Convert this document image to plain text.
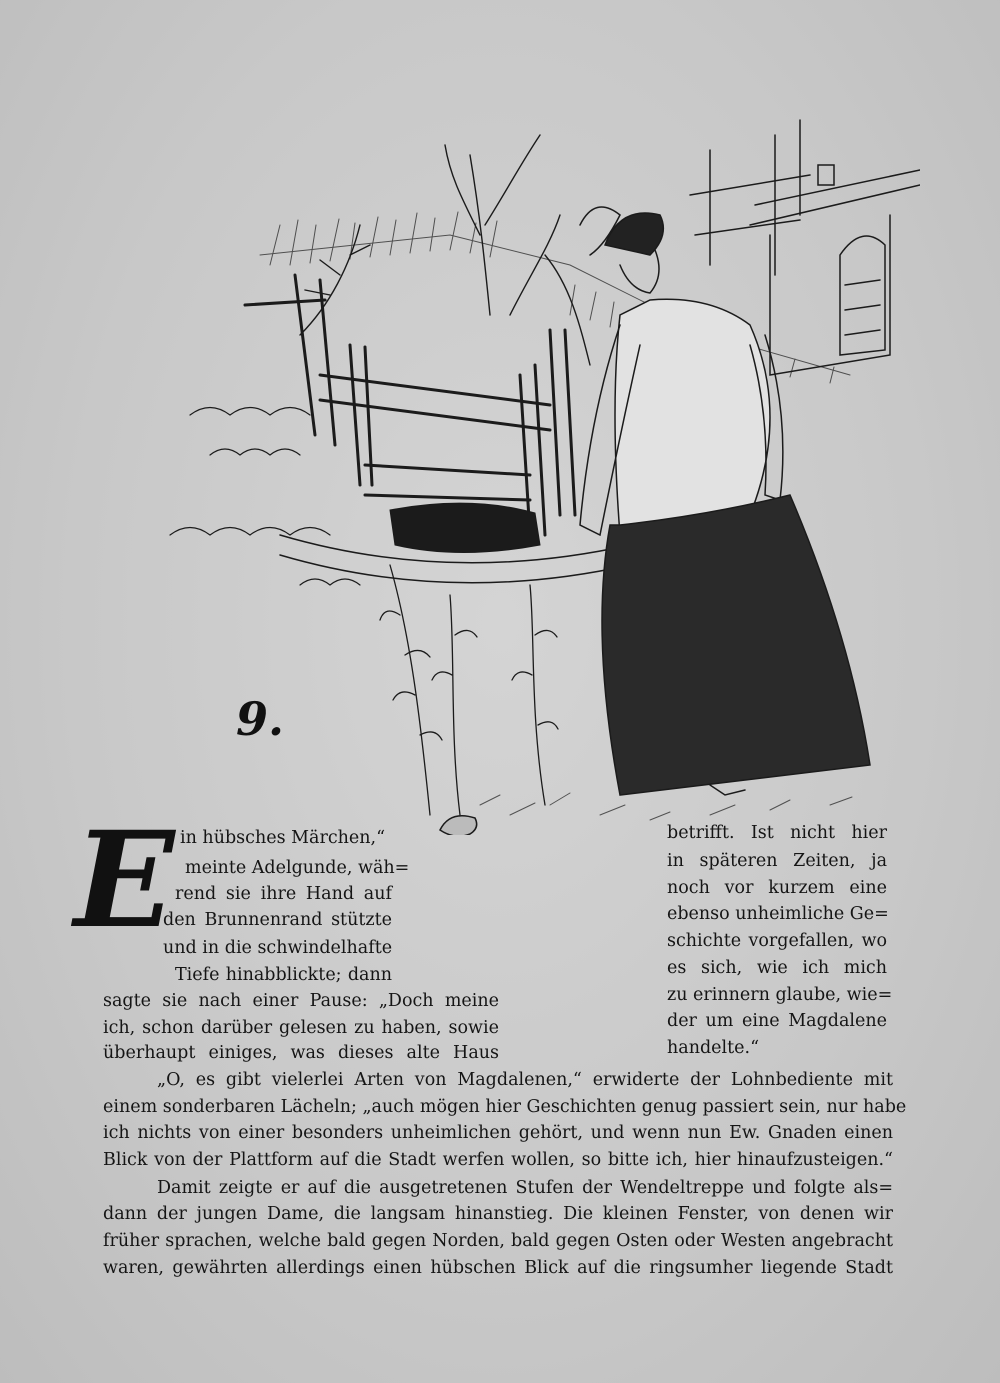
9.
E in hübsches Märchen,“
meinte Adelgunde, wäh=
rend sie ihre Hand auf
den Brunnenrand stützte
und in die schwindelhafte
Tiefe hinabblickte; dann
sagte sie nach einer Pause: „Doch meine
ich, schon darüber gelesen zu haben, sowie
überhaupt einiges, was dieses alte Haus
betrifft. Ist nicht hier
in späteren Zeiten, ja
noch vor kurzem eine
ebenso unheimliche Ge=
schichte vorgefallen, wo
es sich, wie ich mich
zu erinnern glaube, wie=
der um eine Magdalene
handelte.“
„O, es gibt vielerlei Arten von Magdalenen,“ erwiderte der Lohnbediente mit
einem sonderbaren Lächeln; „auch mögen hier Geschichten genug passiert sein, nur habe
ich nichts von einer besonders unheimlichen gehört, und wenn nun Ew. Gnaden einen
Blick von der Plattform auf die Stadt werfen wollen, so bitte ich, hier hinaufzusteigen.“
Damit zeigte er auf die ausgetretenen Stufen der Wendeltreppe und folgte als=
dann der jungen Dame, die langsam hinanstieg. Die kleinen Fenster, von denen wir
früher sprachen, welche bald gegen Norden, bald gegen Osten oder Westen angebracht
waren, gewährten allerdings einen hübschen Blick auf die ringsumher liegende Stadt
